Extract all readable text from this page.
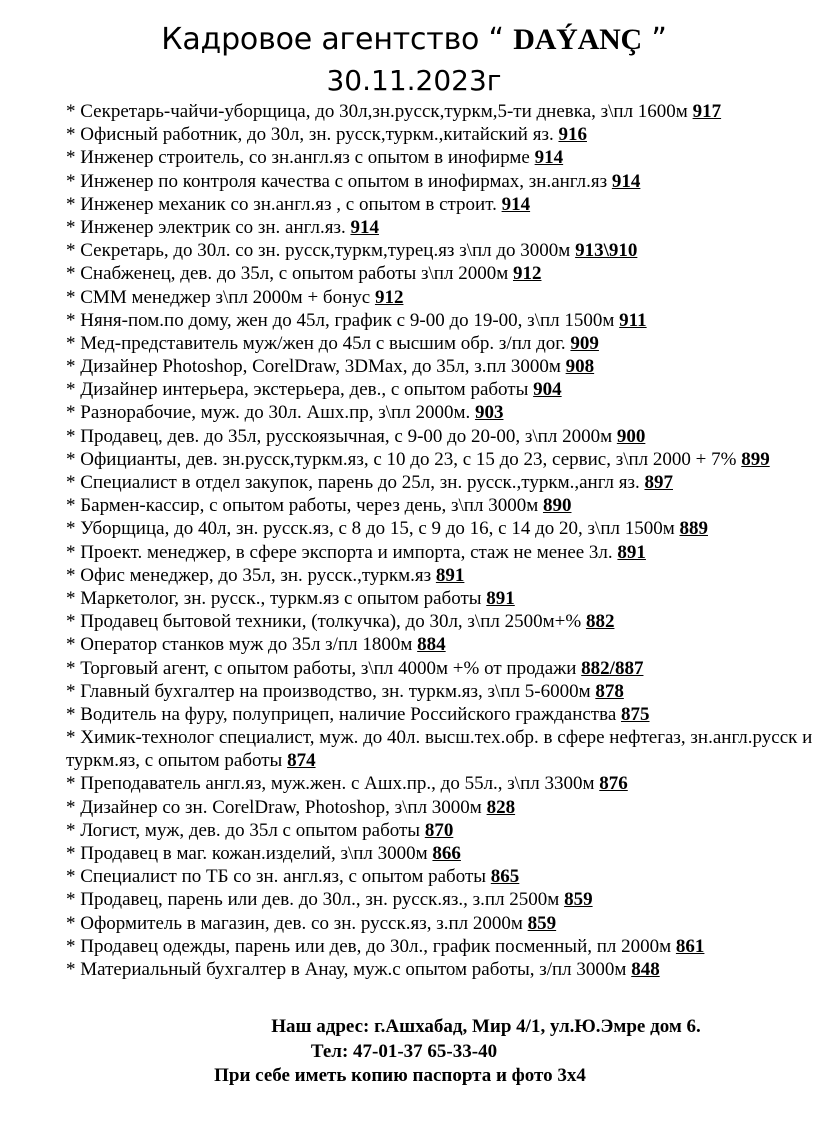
Кадровое агентство “ DAÝANÇ ”
30.11.2023г
* Секретарь-чайчи-уборщица, до 30л,зн.русск,туркм,5-ти дневка, з\пл 1600м 917
* Офисный работник, до 30л, зн. русск,туркм.,китайский яз. 916
* Инженер строитель, со зн.англ.яз с опытом в инофирме 914
* Инженер по контроля качества с опытом в инофирмах, зн.англ.яз 914
* Инженер механик со зн.англ.яз , с опытом в строит. 914
* Инженер электрик со зн. англ.яз. 914
* Секретарь, до 30л. со зн. русск,туркм,турец.яз з\пл до 3000м 913\910
* Снабженец, дев. до 35л, с опытом работы з\пл 2000м 912
* СММ менеджер з\пл 2000м + бонус 912
* Няня-пом.по дому, жен до 45л, график с 9-00 до 19-00, з\пл 1500м 911
* Мед-представитель муж/жен до 45л с высшим обр. з/пл дог. 909
* Дизайнер Photoshop, CorelDraw, 3DMax, до 35л, з.пл 3000м 908
* Дизайнер интерьера, экстерьера, дев., с опытом работы 904
* Разнорабочие, муж. до 30л. Ашх.пр, з\пл 2000м. 903
* Продавец, дев. до 35л, русскоязычная, с 9-00 до 20-00, з\пл 2000м 900
* Официанты, дев. зн.русск,туркм.яз, с 10 до 23, с 15 до 23, сервис, з\пл 2000 + 7% 899
* Специалист в отдел закупок, парень до 25л, зн. русск.,туркм.,англ яз. 897
* Бармен-кассир, с опытом работы, через день, з\пл 3000м 890
* Уборщица, до 40л, зн. русск.яз, с 8 до 15, с 9 до 16, с 14 до 20, з\пл 1500м 889
* Проект. менеджер, в сфере экспорта и импорта, стаж не менее 3л. 891
* Офис менеджер, до 35л, зн. русск.,туркм.яз 891
* Маркетолог, зн. русск., туркм.яз с опытом работы 891
* Продавец бытовой техники, (толкучка), до 30л, з\пл 2500м+% 882
* Оператор станков муж до 35л з/пл 1800м 884
* Торговый агент, с опытом работы, з\пл 4000м +% от продажи 882/887
* Главный бухгалтер на производство, зн. туркм.яз, з\пл 5-6000м 878
* Водитель на фуру, полуприцеп, наличие Российского гражданства 875
* Химик-технолог специалист, муж. до 40л. высш.тех.обр. в сфере нефтегаз, зн.англ.русск и туркм.яз, с опытом работы 874
* Преподаватель англ.яз, муж.жен. с Ашх.пр., до 55л., з\пл 3300м 876
* Дизайнер со зн. CorelDraw, Photoshop, з\пл 3000м 828
* Логист, муж, дев. до 35л с опытом работы 870
* Продавец в маг. кожан.изделий, з\пл 3000м 866
* Специалист по ТБ со зн. англ.яз, с опытом работы 865
* Продавец, парень или дев. до 30л., зн. русск.яз., з.пл 2500м 859
* Оформитель в магазин, дев. со зн. русск.яз, з.пл 2000м 859
* Продавец одежды, парень или дев, до 30л., график посменный, пл 2000м 861
* Материальный бухгалтер в Анау, муж.с опытом работы, з/пл 3000м 848
Наш адрес: г.Ашхабад, Мир 4/1, ул.Ю.Эмре дом 6.
Тел: 47-01-37 65-33-40
При себе иметь копию паспорта и фото 3х4
